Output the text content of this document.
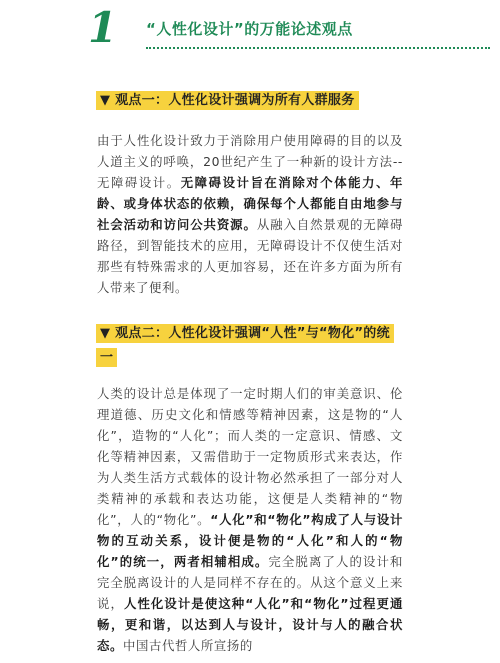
1 “人性化设计”的万能论述观点
▼ 观点一：人性化设计强调为所有人群服务
由于人性化设计致力于消除用户使用障碍的目的以及人道主义的呼唤，20世纪产生了一种新的设计方法--无障碍设计。无障碍设计旨在消除对个体能力、年龄、或身体状态的依赖，确保每个人都能自由地参与社会活动和访问公共资源。从融入自然景观的无障碍路径，到智能技术的应用，无障碍设计不仅使生活对那些有特殊需求的人更加容易，还在许多方面为所有人带来了便利。
▼ 观点二：人性化设计强调“人性”与“物化”的统一
人类的设计总是体现了一定时期人们的审美意识、伦理道德、历史文化和情感等精神因素，这是物的“人化”，造物的“人化”；而人类的一定意识、情感、文化等精神因素，又需借助于一定物质形式来表达，作为人类生活方式载体的设计物必然承担了一部分对人类精神的承载和表达功能，这便是人类精神的“物化”，人的“物化”。“人化”和“物化”构成了人与设计物的互动关系，设计便是物的“人化”和人的“物化”的统一，两者相辅相成。完全脱离了人的设计和完全脱离设计的人是同样不存在的。从这个意义上来说，人性化设计是使这种“人化”和“物化”过程更通畅，更和谐，以达到人与设计，设计与人的融合状态。中国古代哲人所宣扬的
